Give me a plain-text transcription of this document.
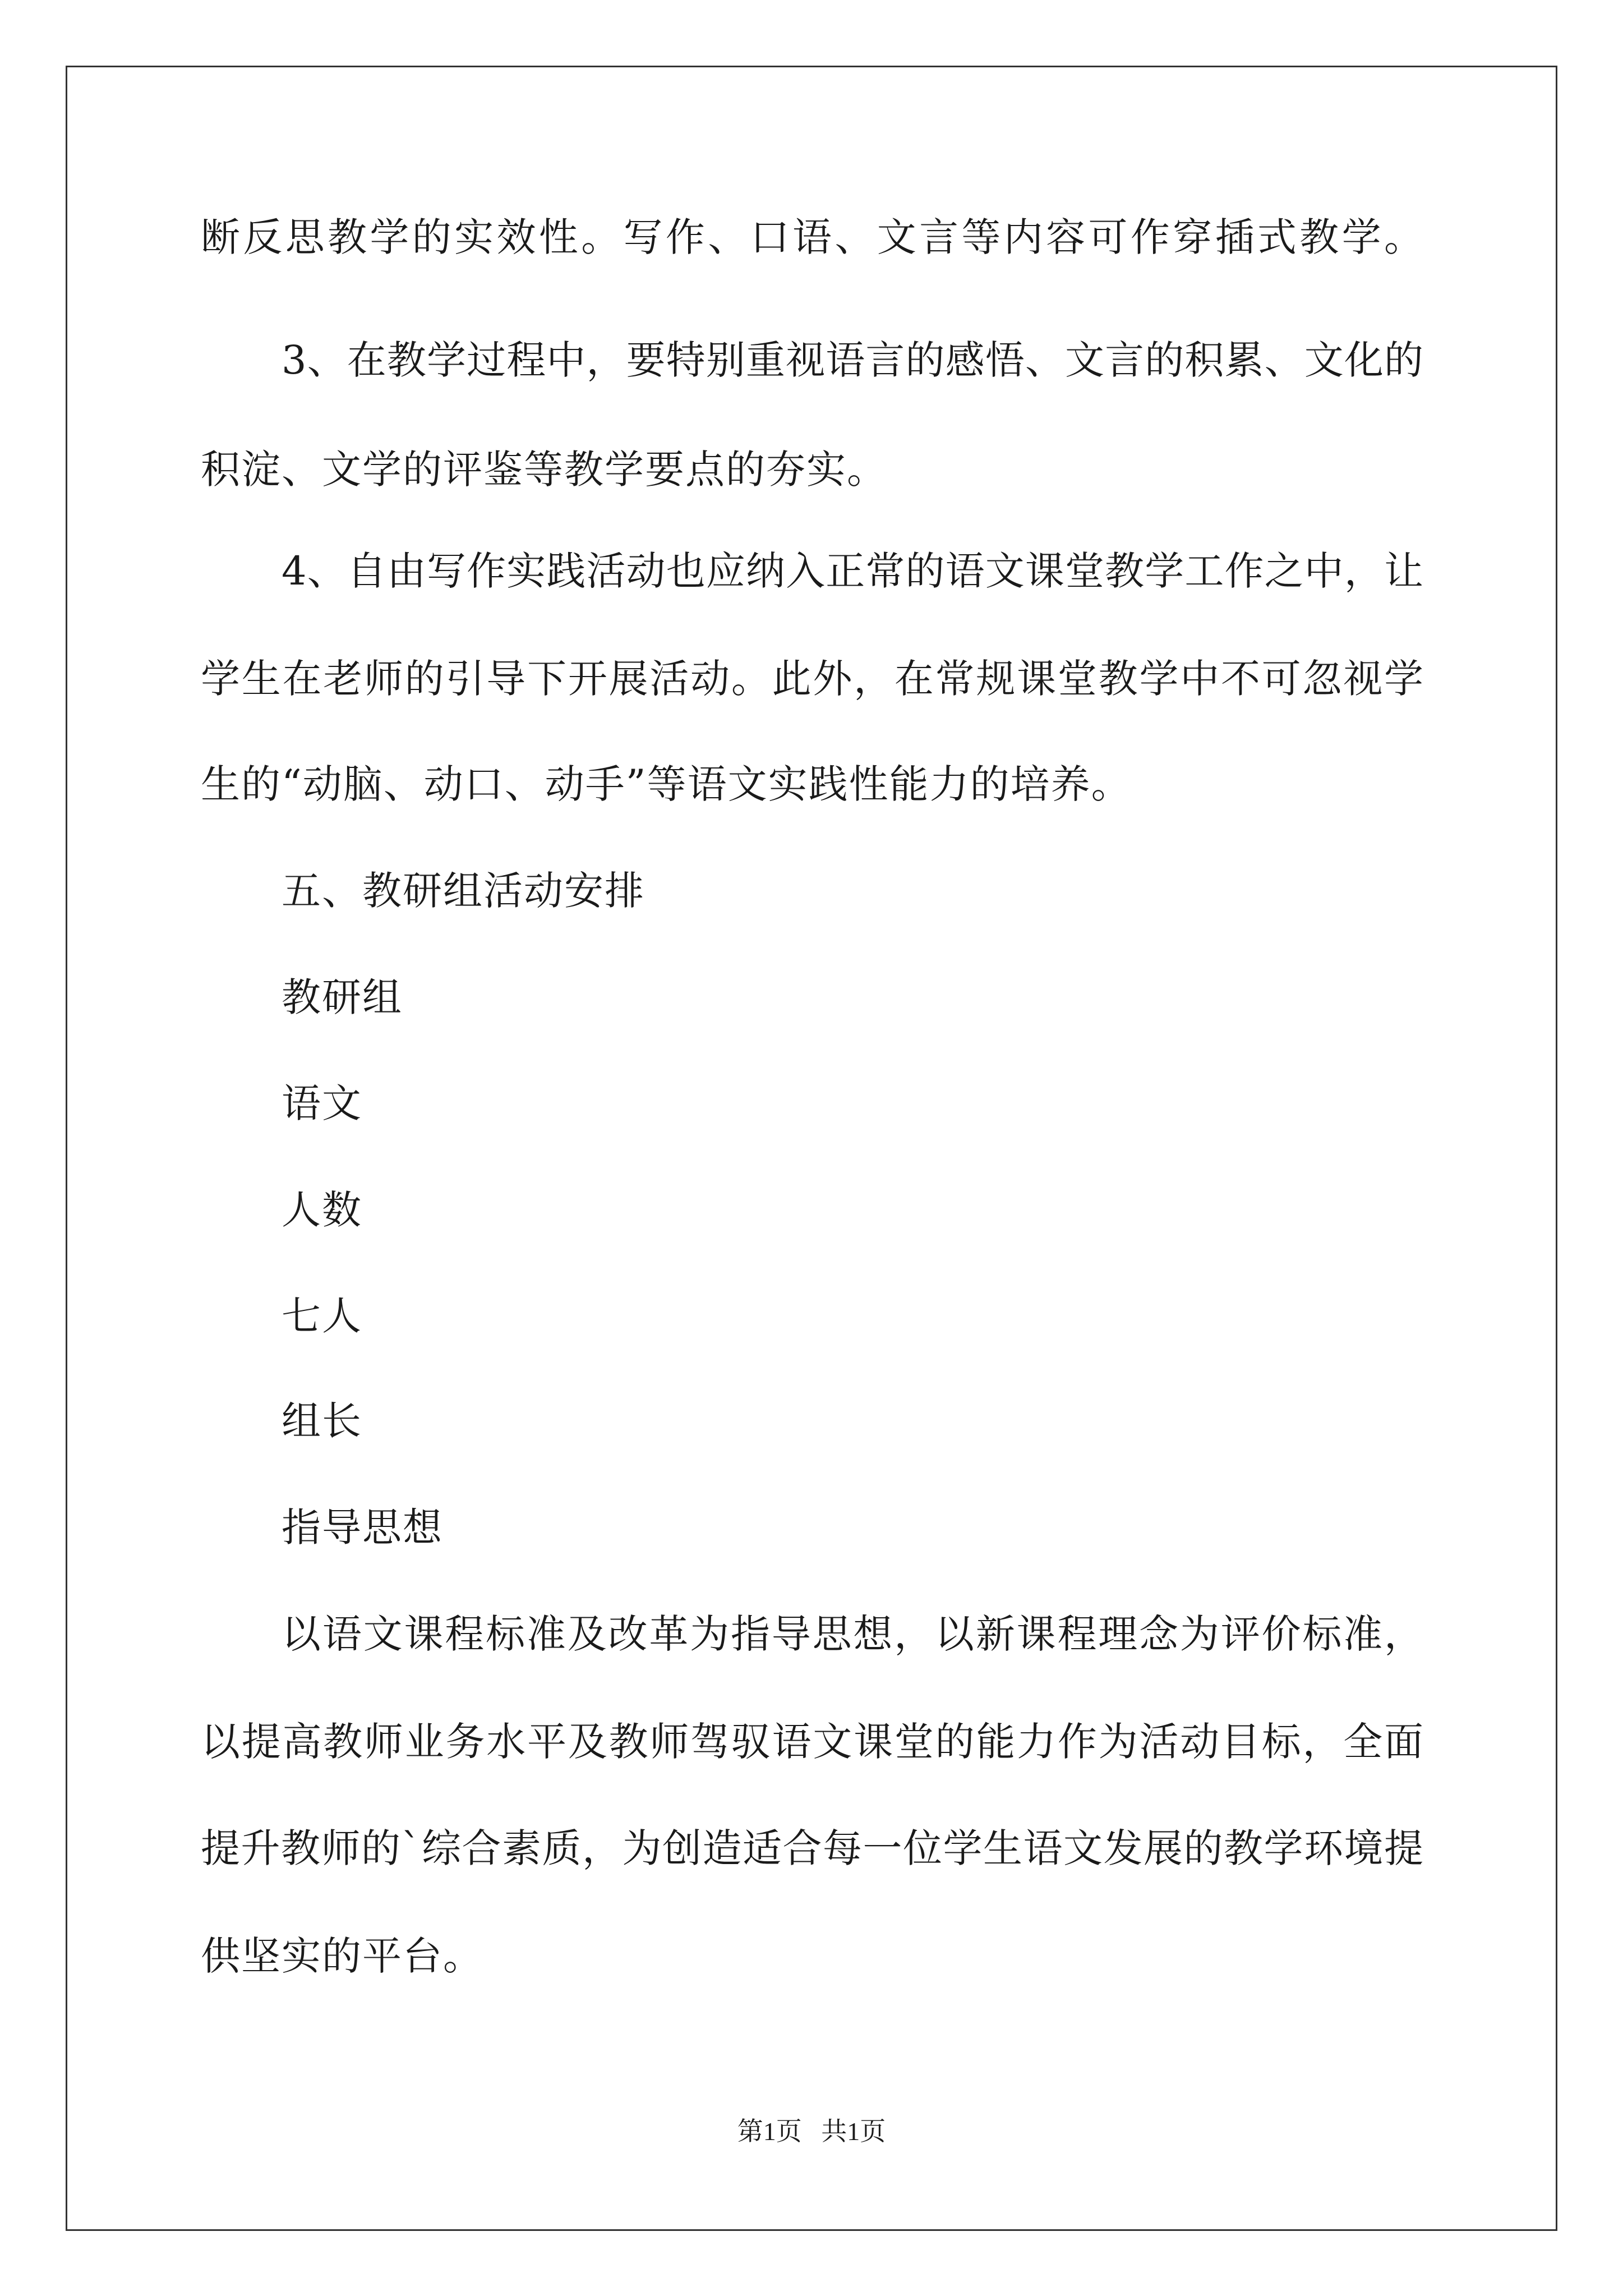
断反思教学的实效性。写作、口语、文言等内容可作穿插式教学。
3、在教学过程中，要特别重视语言的感悟、文言的积累、文化的
积淀、文学的评鉴等教学要点的夯实。
4、自由写作实践活动也应纳入正常的语文课堂教学工作之中，让
学生在老师的引导下开展活动。此外，在常规课堂教学中不可忽视学
生的“动脑、动口、动手”等语文实践性能力的培养。
五、教研组活动安排
教研组
语文
人数
七人
组长
指导思想
以语文课程标准及改革为指导思想，以新课程理念为评价标准，
以提高教师业务水平及教师驾驭语文课堂的能力作为活动目标，全面
提升教师的`综合素质，为创造适合每一位学生语文发展的教学环境提
供坚实的平台。
第1页   共1页
